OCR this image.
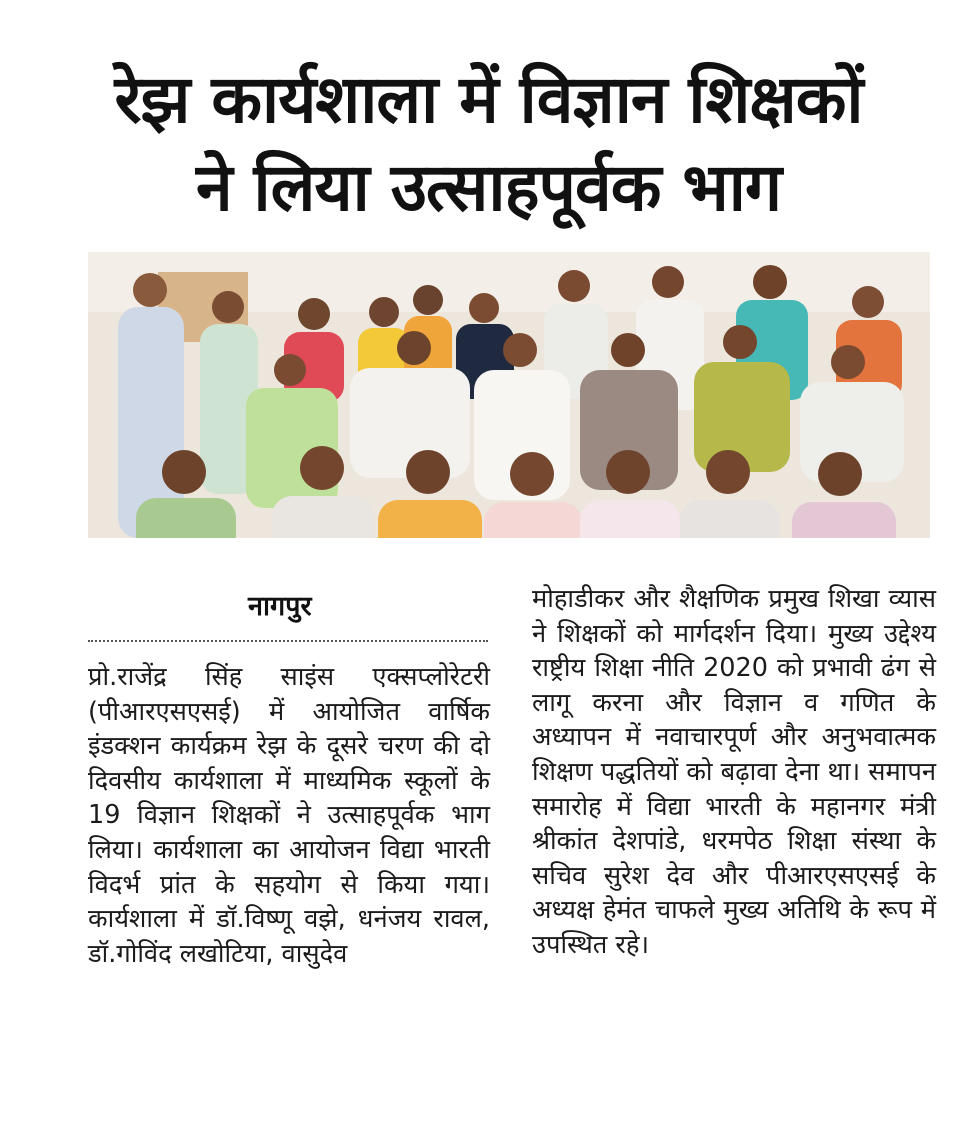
रेझ कार्यशाला में विज्ञान शिक्षकों
ने लिया उत्साहपूर्वक भाग
नागपुर

प्रो.राजेंद्र सिंह साइंस एक्सप्लोरेटरी (पीआरएसएसई) में आयोजित वार्षिक इंडक्शन कार्यक्रम रेझ के दूसरे चरण की दो दिवसीय कार्यशाला में माध्यमिक स्कूलों के 19 विज्ञान शिक्षकों ने उत्साहपूर्वक भाग लिया। कार्यशाला का आयोजन विद्या भारती विदर्भ प्रांत के सहयोग से किया गया। कार्यशाला में डॉ.विष्णू वझे, धनंजय रावल, डॉ.गोविंद लखोटिया, वासुदेव

मोहाडीकर और शैक्षणिक प्रमुख शिखा व्यास ने शिक्षकों को मार्गदर्शन दिया। मुख्य उद्देश्य राष्ट्रीय शिक्षा नीति 2020 को प्रभावी ढंग से लागू करना और विज्ञान व गणित के अध्यापन में नवाचारपूर्ण और अनुभवात्मक शिक्षण पद्धतियों को बढ़ावा देना था। समापन समारोह में विद्या भारती के महानगर मंत्री श्रीकांत देशपांडे, धरमपेठ शिक्षा संस्था के सचिव सुरेश देव और पीआरएसएसई के अध्यक्ष हेमंत चाफले मुख्य अतिथि के रूप में उपस्थित रहे।
